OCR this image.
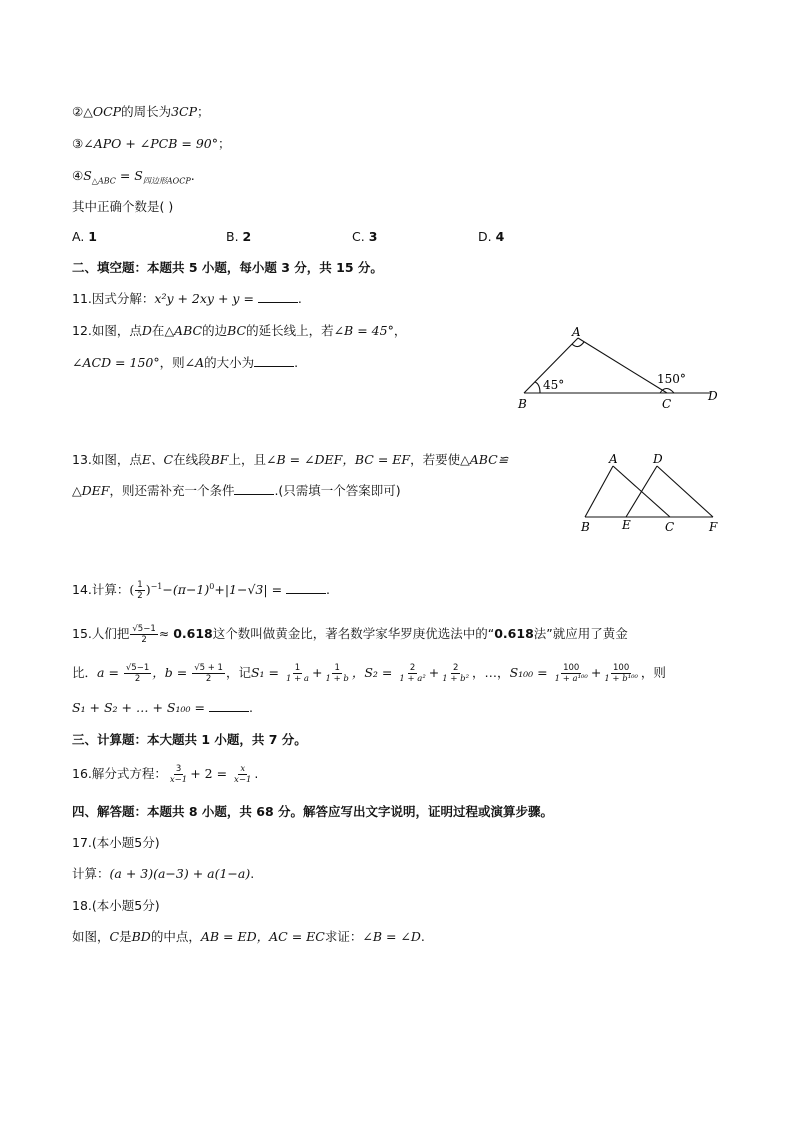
②△OCP的周长为3CP；
③∠APO + ∠PCB = 90°；
$④S_{\triangle ABC} = S_{四边形AOCP}$.
其中正确个数是( )
A. 1	B. 2	C. 3	D. 4
二、填空题：本题共 5 小题，每小题 3 分，共 15 分。
11.因式分解：x²y + 2xy + y =	.
12.如图，点D在△ABC的边BC的延长线上，若∠B = 45°，
∠ACD = 150°，则∠A的大小为	.
A
B	C
D
45°	150°
13.如图，点E、C在线段BF上，且∠B = ∠DEF，BC = EF，若要使△ABC≌
△DEF，则还需补充一个条件	.(只需填一个答案即可)
A	D
B	E	C	F
14.计算：( $\frac{1}{2} )^{-1}-(\pi-1)^0+|1-√3|$ =	.
15.人们把 $\frac{√5-1}{2} \approx 0.618$这个数叫做黄金比，著名数学家华罗庚优选法中的“0.618法”就应用了黄金
比．$a = \frac{√5-1}{2}$ ，$b = \frac{√5 + 1}{2}$ ，记$S_1 = \frac{1}{1 + a} + \frac{1}{1 + b}$ ，$S_2 = \frac{2}{\text{1 + a²}} + \frac{2}{\text{1 + b²}}$ ，…，$S_{100} = \frac{100}{\text{1 + a¹⁰⁰}} + \frac{100}{\text{1 + b¹⁰⁰}}$ ，则
S₁ + S₂ + … + S₁₀₀ =	.
三、计算题：本大题共 1 小题，共 7 分。
16.解分式方程： $\frac{3}{x-1} + 2 = \frac{x}{x-1}$ .
四、解答题：本题共 8 小题，共 68 分。解答应写出文字说明，证明过程或演算步骤。
17.(本小题5分)
计算：(a + 3)(a−3) + a(1−a).
18.(本小题5分)
如图，C是BD的中点，AB = ED，AC = EC求证：∠B = ∠D.
